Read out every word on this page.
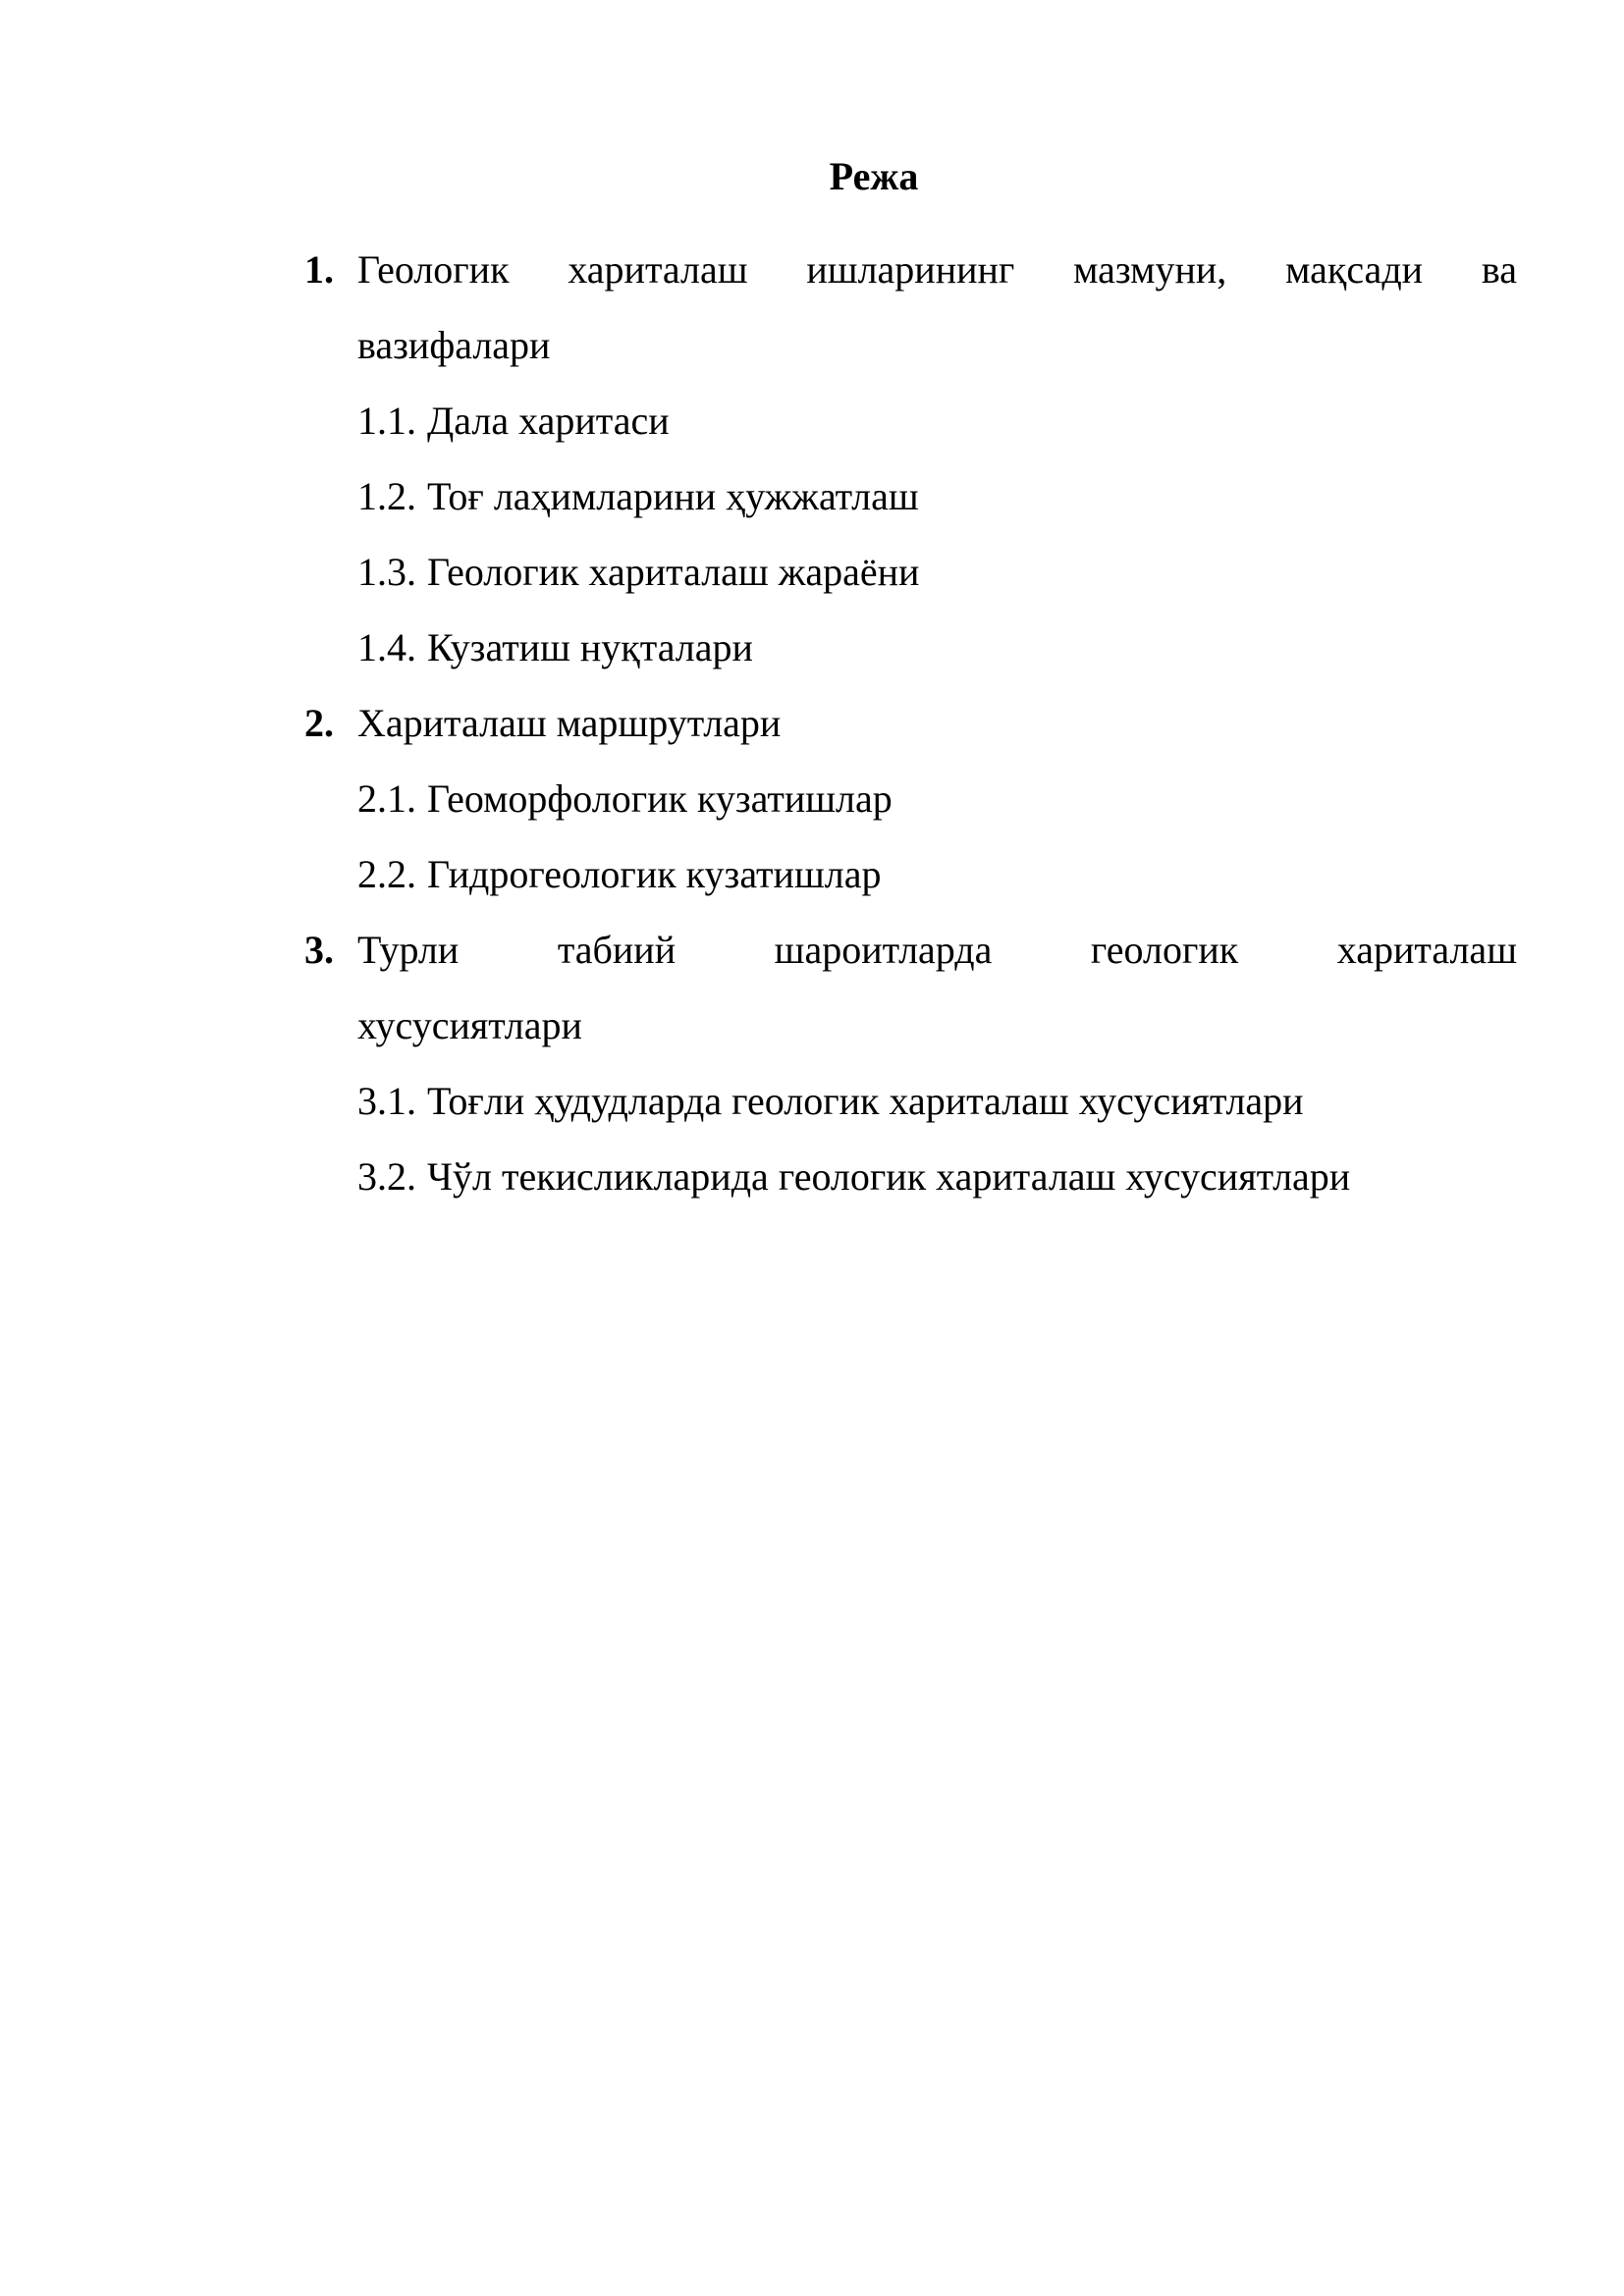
Режа
1. Геологик хариталаш ишларининг мазмуни, мақсади ва
вазифалари
1.1. Дала харитаси
1.2. Тоғ лаҳимларини ҳужжатлаш
1.3. Геологик хариталаш жараёни
1.4. Кузатиш нуқталари
2. Хариталаш маршрутлари
2.1. Геоморфологик кузатишлар
2.2. Гидрогеологик кузатишлар
3. Турли табиий шароитларда геологик хариталаш
хусусиятлари
3.1. Тоғли ҳудудларда геологик хариталаш хусусиятлари
3.2. Чўл текисликларида геологик хариталаш хусусиятлари
